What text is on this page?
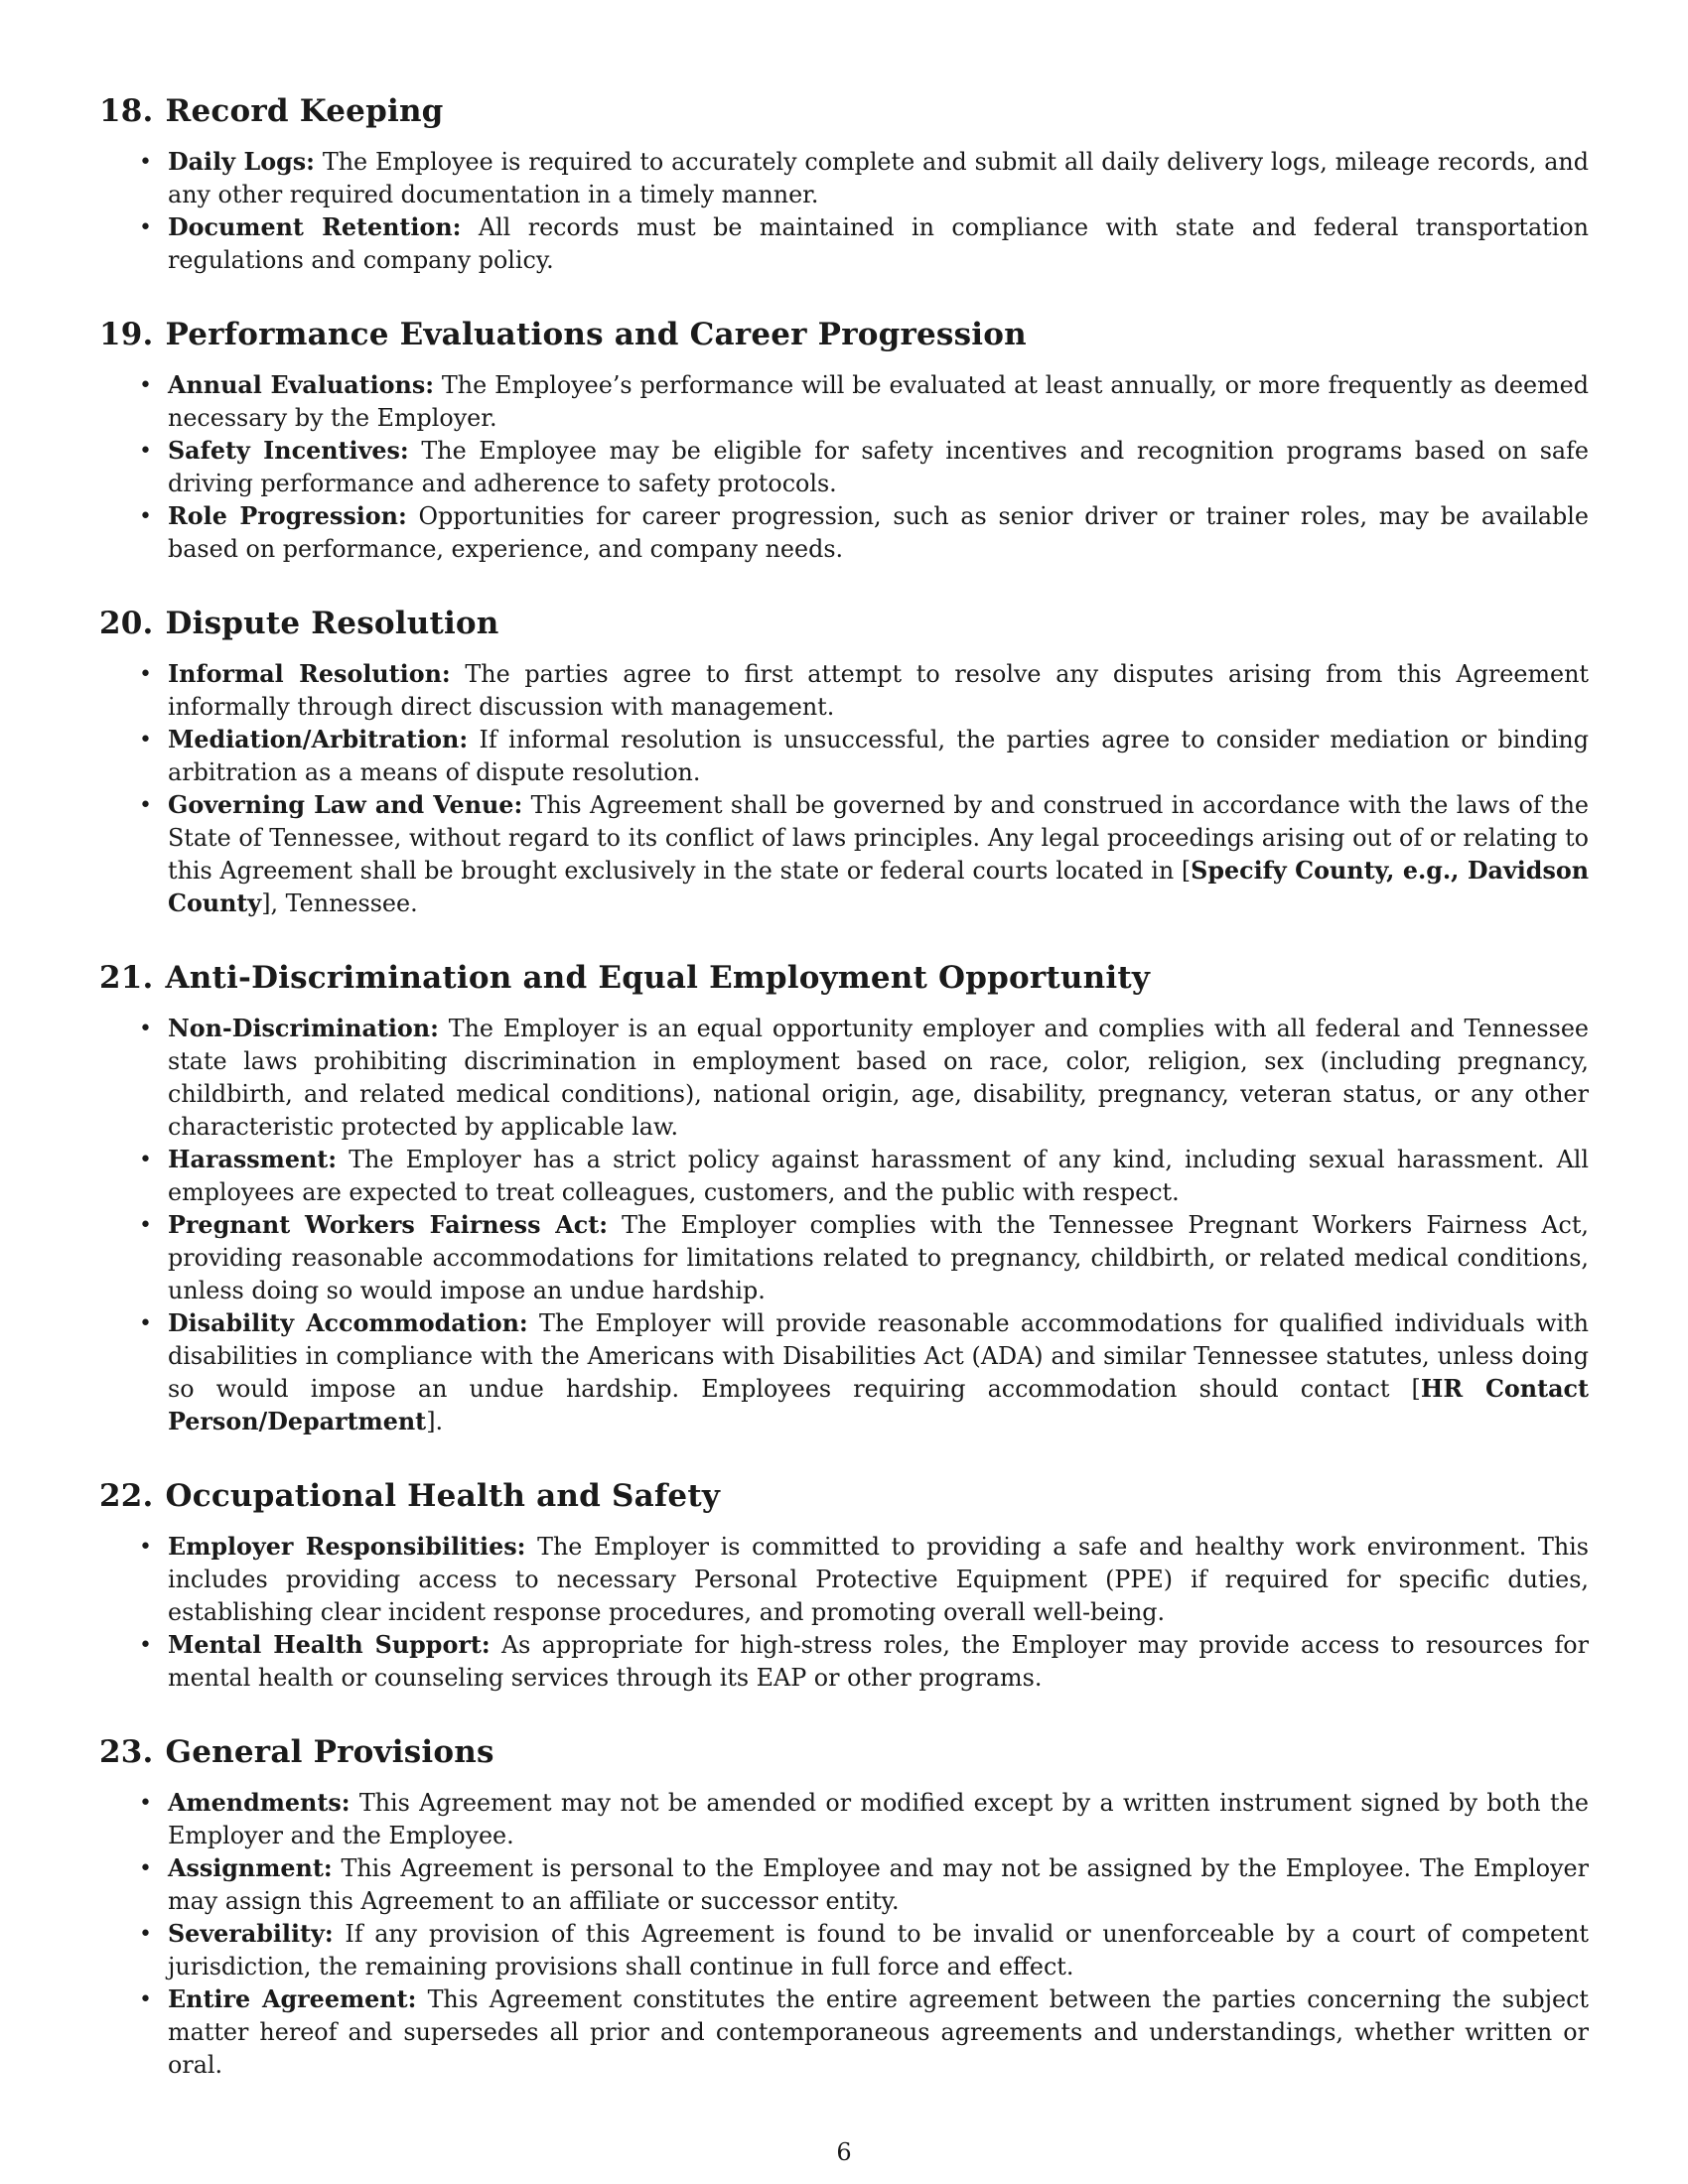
18. Record Keeping
• Daily Logs: The Employee is required to accurately complete and submit all daily delivery logs, mileage records, and any other required documentation in a timely manner.
• Document Retention: All records must be maintained in compliance with state and federal transportation regulations and company policy.
19. Performance Evaluations and Career Progression
• Annual Evaluations: The Employee’s performance will be evaluated at least annually, or more frequently as deemed necessary by the Employer.
• Safety Incentives: The Employee may be eligible for safety incentives and recognition programs based on safe driving performance and adherence to safety protocols.
• Role Progression: Opportunities for career progression, such as senior driver or trainer roles, may be available based on performance, experience, and company needs.
20. Dispute Resolution
• Informal Resolution: The parties agree to first attempt to resolve any disputes arising from this Agreement informally through direct discussion with management.
• Mediation/Arbitration: If informal resolution is unsuccessful, the parties agree to consider mediation or binding arbitration as a means of dispute resolution.
• Governing Law and Venue: This Agreement shall be governed by and construed in accordance with the laws of the State of Tennessee, without regard to its conflict of laws principles. Any legal proceedings arising out of or relating to this Agreement shall be brought exclusively in the state or federal courts located in [Specify County, e.g., Davidson County], Tennessee.
21. Anti-Discrimination and Equal Employment Opportunity
• Non-Discrimination: The Employer is an equal opportunity employer and complies with all federal and Tennessee state laws prohibiting discrimination in employment based on race, color, religion, sex (including pregnancy, childbirth, and related medical conditions), national origin, age, disability, pregnancy, veteran status, or any other characteristic protected by applicable law.
• Harassment: The Employer has a strict policy against harassment of any kind, including sexual harassment. All employees are expected to treat colleagues, customers, and the public with respect.
• Pregnant Workers Fairness Act: The Employer complies with the Tennessee Pregnant Workers Fairness Act, providing reasonable accommodations for limitations related to pregnancy, childbirth, or related medical conditions, unless doing so would impose an undue hardship.
• Disability Accommodation: The Employer will provide reasonable accommodations for qualified individuals with disabilities in compliance with the Americans with Disabilities Act (ADA) and similar Tennessee statutes, unless doing so would impose an undue hardship. Employees requiring accommodation should contact [HR Contact Person/Department].
22. Occupational Health and Safety
• Employer Responsibilities: The Employer is committed to providing a safe and healthy work environment. This includes providing access to necessary Personal Protective Equipment (PPE) if required for specific duties, establishing clear incident response procedures, and promoting overall well-being.
• Mental Health Support: As appropriate for high-stress roles, the Employer may provide access to resources for mental health or counseling services through its EAP or other programs.
23. General Provisions
• Amendments: This Agreement may not be amended or modified except by a written instrument signed by both the Employer and the Employee.
• Assignment: This Agreement is personal to the Employee and may not be assigned by the Employee. The Employer may assign this Agreement to an affiliate or successor entity.
• Severability: If any provision of this Agreement is found to be invalid or unenforceable by a court of competent jurisdiction, the remaining provisions shall continue in full force and effect.
• Entire Agreement: This Agreement constitutes the entire agreement between the parties concerning the subject matter hereof and supersedes all prior and contemporaneous agreements and understandings, whether written or oral.
6
